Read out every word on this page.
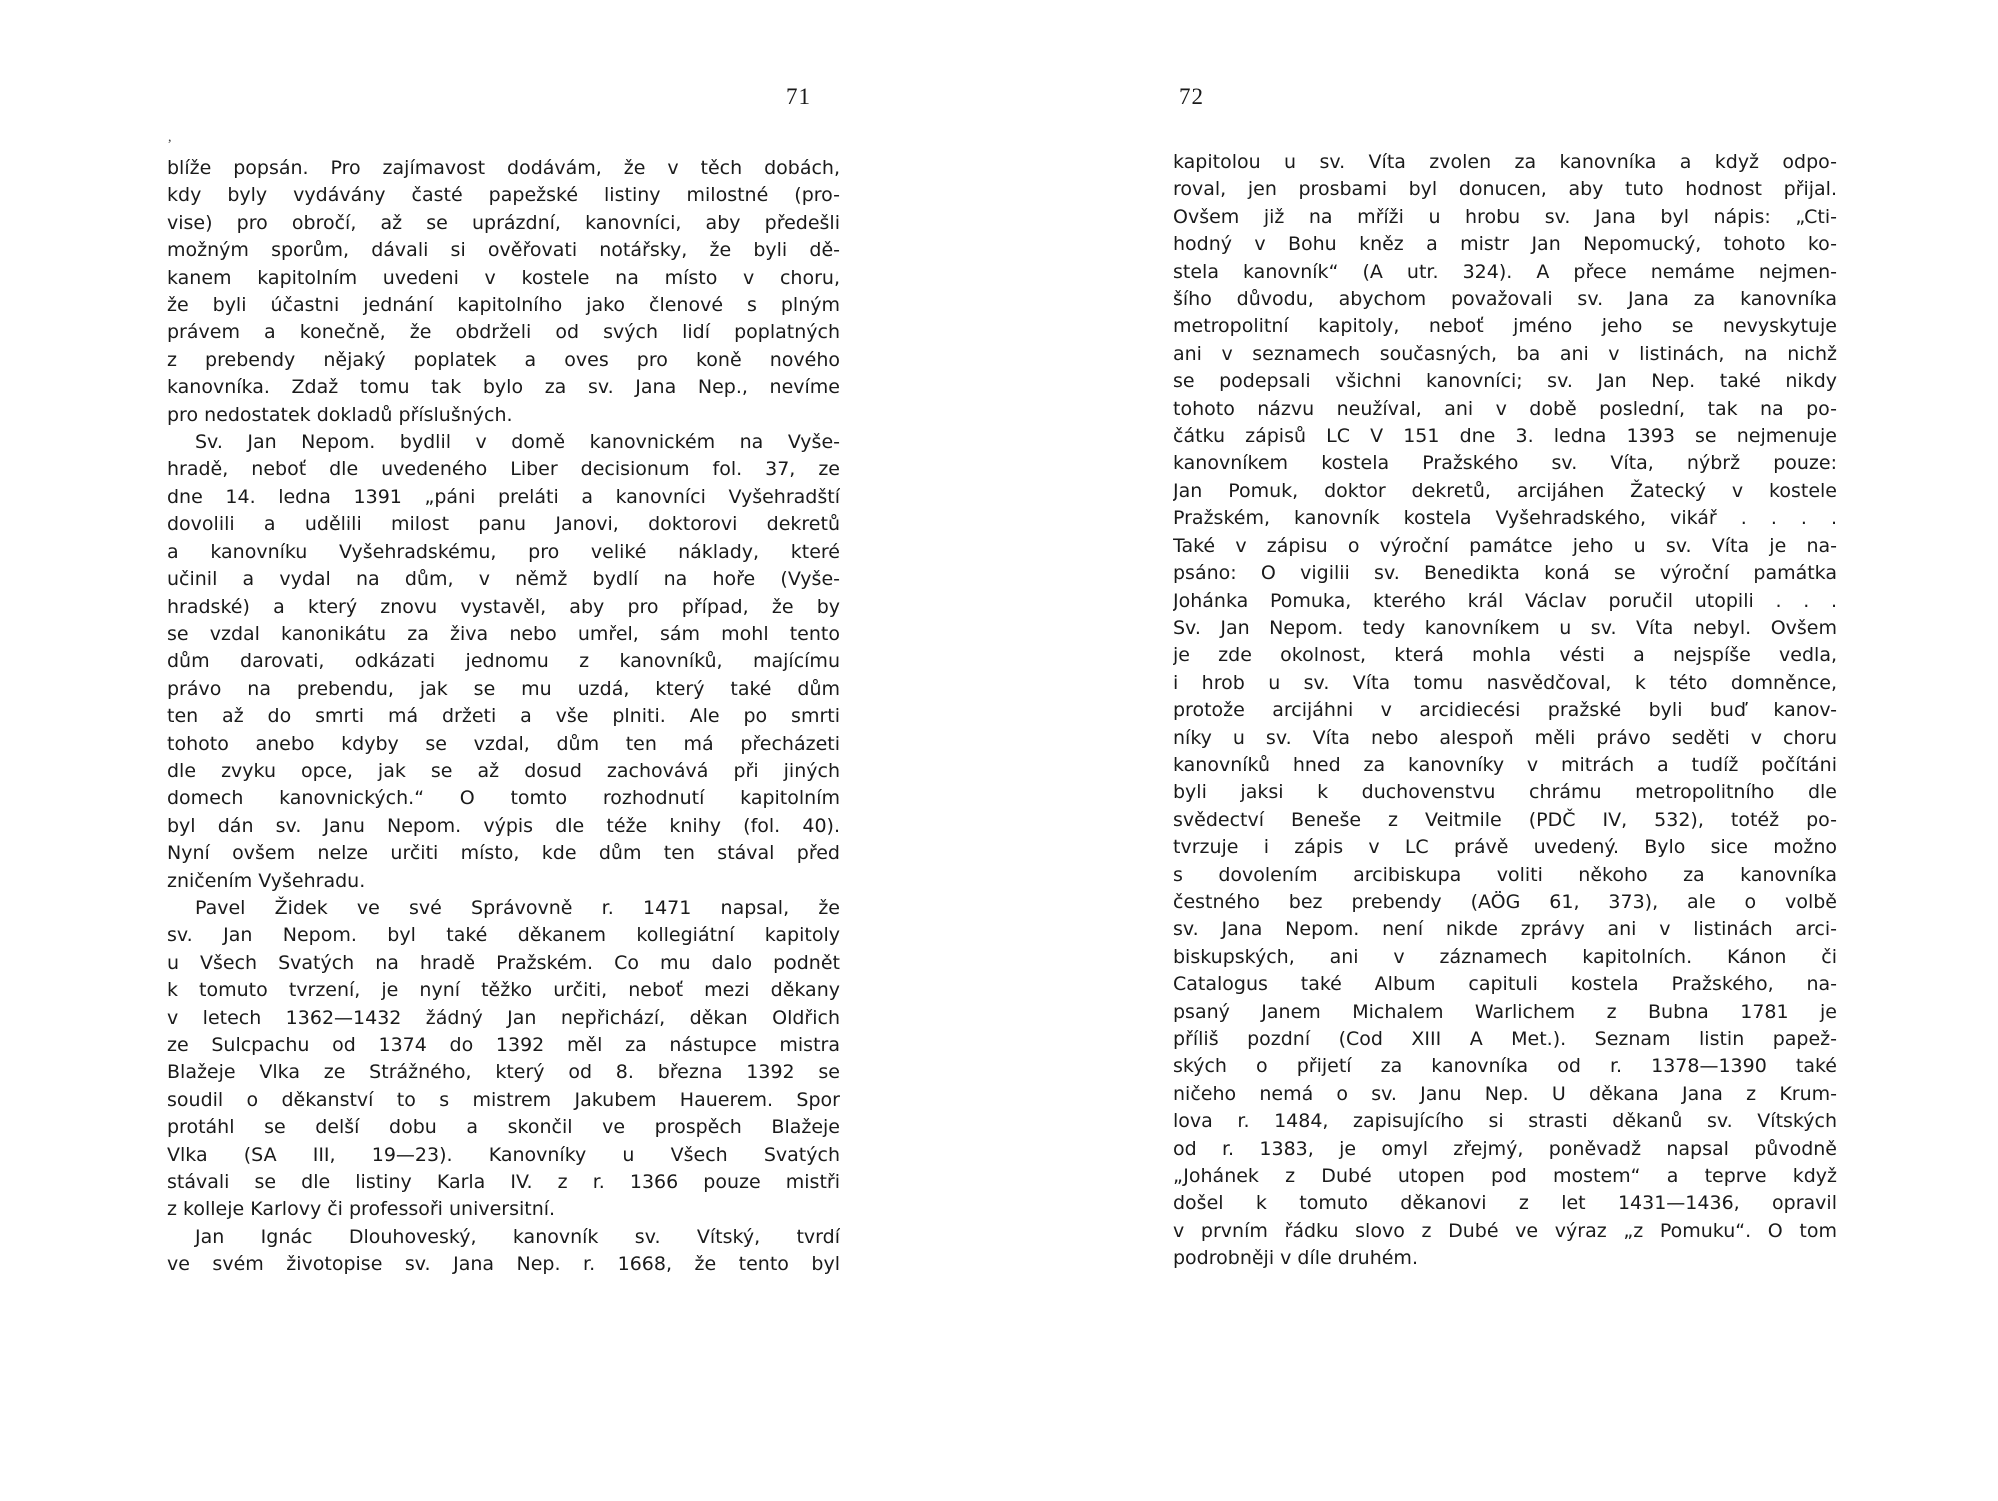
71
,
blíže popsán. Pro zajímavost dodávám, že v těch dobách,
kdy byly vydávány časté papežské listiny milostné (pro-
vise) pro obročí, až se uprázdní, kanovníci, aby předešli
možným sporům, dávali si ověřovati notářsky, že byli dě-
kanem kapitolním uvedeni v kostele na místo v choru,
že byli účastni jednání kapitolního jako členové s plným
právem a konečně, že obdrželi od svých lidí poplatných
z prebendy nějaký poplatek a oves pro koně nového
kanovníka. Zdaž tomu tak bylo za sv. Jana Nep., nevíme
pro nedostatek dokladů příslušných.
Sv. Jan Nepom. bydlil v domě kanovnickém na Vyše-
hradě, neboť dle uvedeného Liber decisionum fol. 37, ze
dne 14. ledna 1391 „páni preláti a kanovníci Vyšehradští
dovolili a udělili milost panu Janovi, doktorovi dekretů
a kanovníku Vyšehradskému, pro veliké náklady, které
učinil a vydal na dům, v němž bydlí na hoře (Vyše-
hradské) a který znovu vystavěl, aby pro případ, že by
se vzdal kanonikátu za živa nebo umřel, sám mohl tento
dům darovati, odkázati jednomu z kanovníků, majícímu
právo na prebendu, jak se mu uzdá, který také dům
ten až do smrti má držeti a vše plniti. Ale po smrti
tohoto anebo kdyby se vzdal, dům ten má přecházeti
dle zvyku opce, jak se až dosud zachovává při jiných
domech kanovnických.“ O tomto rozhodnutí kapitolním
byl dán sv. Janu Nepom. výpis dle téže knihy (fol. 40).
Nyní ovšem nelze určiti místo, kde dům ten stával před
zničením Vyšehradu.
Pavel Židek ve své Správovně r. 1471 napsal, že
sv. Jan Nepom. byl také děkanem kollegiátní kapitoly
u Všech Svatých na hradě Pražském. Co mu dalo podnět
k tomuto tvrzení, je nyní těžko určiti, neboť mezi děkany
v letech 1362—1432 žádný Jan nepřichází, děkan Oldřich
ze Sulcpachu od 1374 do 1392 měl za nástupce mistra
Blažeje Vlka ze Strážného, který od 8. března 1392 se
soudil o děkanství to s mistrem Jakubem Hauerem. Spor
protáhl se delší dobu a skončil ve prospěch Blažeje
Vlka (SA III, 19—23). Kanovníky u Všech Svatých
stávali se dle listiny Karla IV. z r. 1366 pouze mistři
z kolleje Karlovy či professoři universitní.
Jan Ignác Dlouhoveský, kanovník sv. Vítský, tvrdí
ve svém životopise sv. Jana Nep. r. 1668, že tento byl
72
kapitolou u sv. Víta zvolen za kanovníka a když odpo-
roval, jen prosbami byl donucen, aby tuto hodnost přijal.
Ovšem již na mříži u hrobu sv. Jana byl nápis: „Cti-
hodný v Bohu kněz a mistr Jan Nepomucký, tohoto ko-
stela kanovník“ (A utr. 324). A přece nemáme nejmen-
šího důvodu, abychom považovali sv. Jana za kanovníka
metropolitní kapitoly, neboť jméno jeho se nevyskytuje
ani v seznamech současných, ba ani v listinách, na nichž
se podepsali všichni kanovníci; sv. Jan Nep. také nikdy
tohoto názvu neužíval, ani v době poslední, tak na po-
čátku zápisů LC V 151 dne 3. ledna 1393 se nejmenuje
kanovníkem kostela Pražského sv. Víta, nýbrž pouze:
Jan Pomuk, doktor dekretů, arcijáhen Žatecký v kostele
Pražském, kanovník kostela Vyšehradského, vikář . . . .
Také v zápisu o výroční památce jeho u sv. Víta je na-
psáno: O vigilii sv. Benedikta koná se výroční památka
Johánka Pomuka, kterého král Václav poručil utopili . . .
Sv. Jan Nepom. tedy kanovníkem u sv. Víta nebyl. Ovšem
je zde okolnost, která mohla vésti a nejspíše vedla,
i hrob u sv. Víta tomu nasvědčoval, k této domněnce,
protože arcijáhni v arcidiecési pražské byli buď kanov-
níky u sv. Víta nebo alespoň měli právo seděti v choru
kanovníků hned za kanovníky v mitrách a tudíž počítáni
byli jaksi k duchovenstvu chrámu metropolitního dle
svědectví Beneše z Veitmile (PDČ IV, 532), totéž po-
tvrzuje i zápis v LC právě uvedený. Bylo sice možno
s dovolením arcibiskupa voliti někoho za kanovníka
čestného bez prebendy (AÖG 61, 373), ale o volbě
sv. Jana Nepom. není nikde zprávy ani v listinách arci-
biskupských, ani v záznamech kapitolních. Kánon či
Catalogus také Album capituli kostela Pražského, na-
psaný Janem Michalem Warlichem z Bubna 1781 je
příliš pozdní (Cod XIII A Met.). Seznam listin papež-
ských o přijetí za kanovníka od r. 1378—1390 také
ničeho nemá o sv. Janu Nep. U děkana Jana z Krum-
lova r. 1484, zapisujícího si strasti děkanů sv. Vítských
od r. 1383, je omyl zřejmý, poněvadž napsal původně
„Johánek z Dubé utopen pod mostem“ a teprve když
došel k tomuto děkanovi z let 1431—1436, opravil
v prvním řádku slovo z Dubé ve výraz „z Pomuku“. O tom
podrobněji v díle druhém.
